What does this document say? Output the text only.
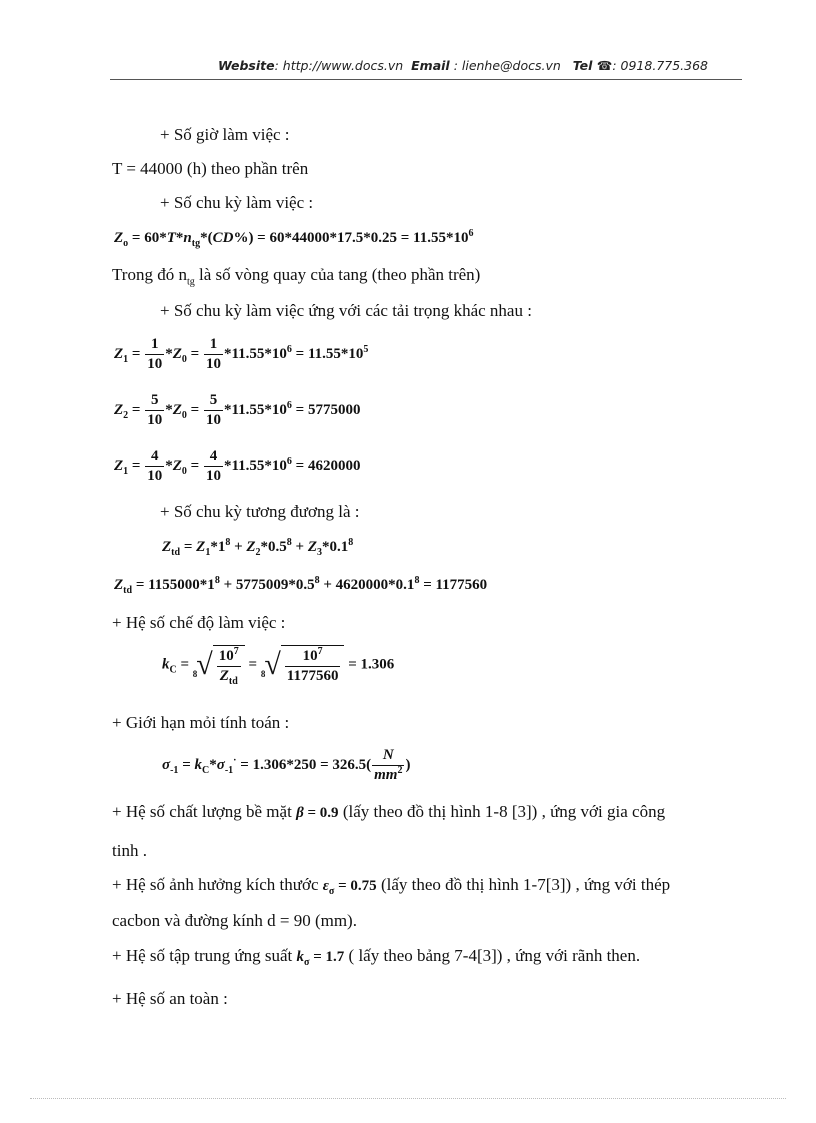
Website: http://www.docs.vn Email : lienhe@docs.vn Tel ☎: 0918.775.368
+ Số giờ làm việc :
T = 44000 (h) theo phần trên
+ Số chu kỳ làm việc :
$Z_o = 60*T*n_{tg}*(CD\%) = 60*44000*17.5*0.25 = 11.55*10^6$
Trong đó $n_{tg}$ là số vòng quay của tang (theo phần trên)
+ Số chu kỳ làm việc ứng với các tải trọng khác nhau :
$Z_1 = \frac{1}{10} *Z_0 = \frac{1}{10} *11.55*10^6 = 11.55*10^5$
$Z_2 = \frac{5}{10} *Z_0 = \frac{5}{10} *11.55*10^6 = 5775000$
$Z_1 = \frac{4}{10} *Z_0 = \frac{4}{10} *11.55*10^6 = 4620000$
+ Số chu kỳ tương đương là :
$Z_{td} = Z_1*1^8 + Z_2*0.5^8 + Z_3*0.1^8$
$Z_{td} = 1155000*1^8 + 5775009*0.5^8 + 4620000*0.1^8 = 1177560$
+ Hệ số chế độ làm việc :
$k_C = _8√ \frac{10^7}{Z_{td}} = _8√ \frac{10^7}{1177560} = 1.306$
+ Giới hạn mỏi tính toán :
$\sigma_{-1} = k_C*\sigma_{-1}^\cdot = 1.306*250 = 326.5( \frac{N}{mm^2}$ )
+ Hệ số chất lượng bề mặt β = 0.9 (lấy theo đồ thị hình 1-8 [3]) , ứng với gia công
tinh .
+ Hệ số ảnh hưởng kích thước $\varepsilon_\sigma = 0.75$ (lấy theo đồ thị hình 1-7[3]) , ứng với thép
cacbon và đường kính d = 90 (mm).
+ Hệ số tập trung ứng suất $k_\sigma = 1.7$ ( lấy theo bảng 7-4[3]) , ứng với rãnh then.
+ Hệ số an toàn :
